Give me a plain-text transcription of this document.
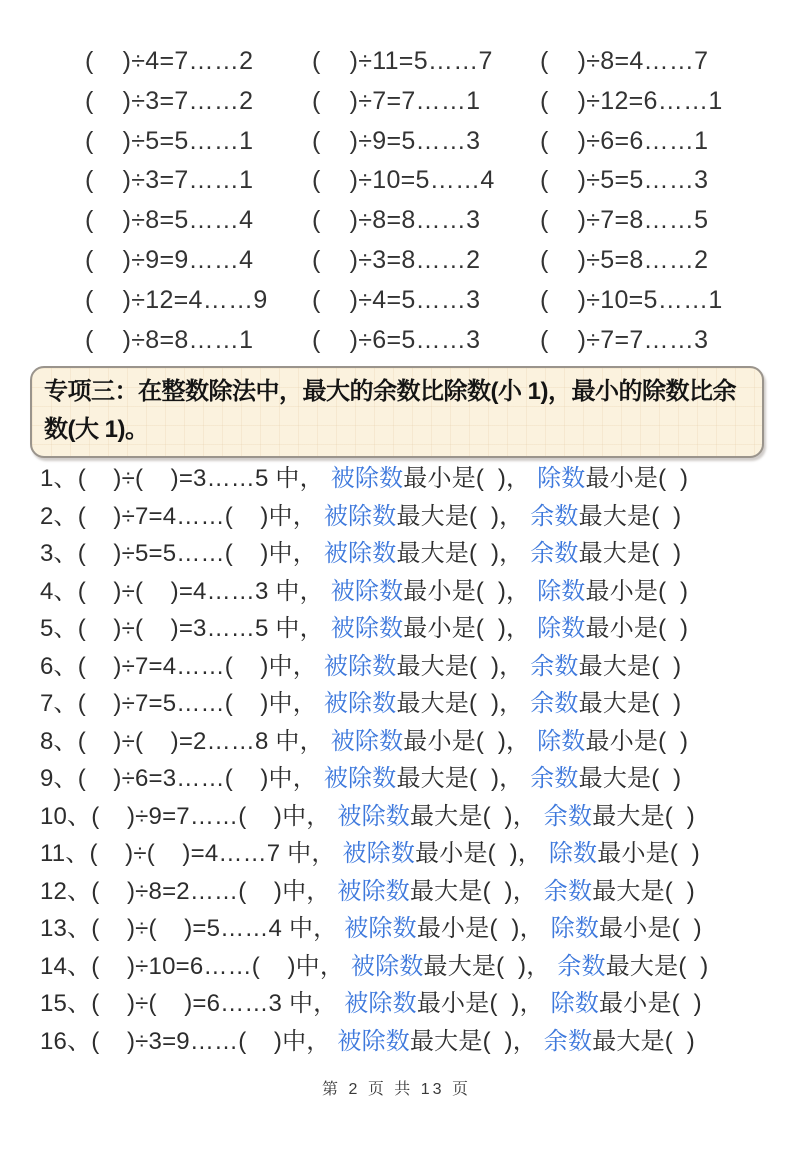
(    )÷4=7……2	(    )÷11=5……7	(    )÷8=4……7
(    )÷3=7……2	(    )÷7=7……1	(    )÷12=6……1
(    )÷5=5……1	(    )÷9=5……3	(    )÷6=6……1
(    )÷3=7……1	(    )÷10=5……4	(    )÷5=5……3
(    )÷8=5……4	(    )÷8=8……3	(    )÷7=8……5
(    )÷9=9……4	(    )÷3=8……2	(    )÷5=8……2
(    )÷12=4……9	(    )÷4=5……3	(    )÷10=5……1
(    )÷8=8……1	(    )÷6=5……3	(    )÷7=7……3
专项三：在整数除法中，最大的余数比除数(小 1)，最小的除数比余数(大 1)。
1、(    )÷(    )=3……5 中， 被除数最小是(  )， 除数最小是(  )
2、(    )÷7=4……(    )中， 被除数最大是(  )， 余数最大是(  )
3、(    )÷5=5……(    )中， 被除数最大是(  )， 余数最大是(  )
4、(    )÷(    )=4……3 中， 被除数最小是(  )， 除数最小是(  )
5、(    )÷(    )=3……5 中， 被除数最小是(  )， 除数最小是(  )
6、(    )÷7=4……(    )中， 被除数最大是(  )， 余数最大是(  )
7、(    )÷7=5……(    )中， 被除数最大是(  )， 余数最大是(  )
8、(    )÷(    )=2……8 中， 被除数最小是(  )， 除数最小是(  )
9、(    )÷6=3……(    )中， 被除数最大是(  )， 余数最大是(  )
10、(    )÷9=7……(    )中， 被除数最大是(  )， 余数最大是(  )
11、(    )÷(    )=4……7 中， 被除数最小是(  )， 除数最小是(  )
12、(    )÷8=2……(    )中， 被除数最大是(  )， 余数最大是(  )
13、(    )÷(    )=5……4 中， 被除数最小是(  )， 除数最小是(  )
14、(    )÷10=6……(    )中， 被除数最大是(  )， 余数最大是(  )
15、(    )÷(    )=6……3 中， 被除数最小是(  )， 除数最小是(  )
16、(    )÷3=9……(    )中， 被除数最大是(  )， 余数最大是(  )
第 2 页 共 13 页
